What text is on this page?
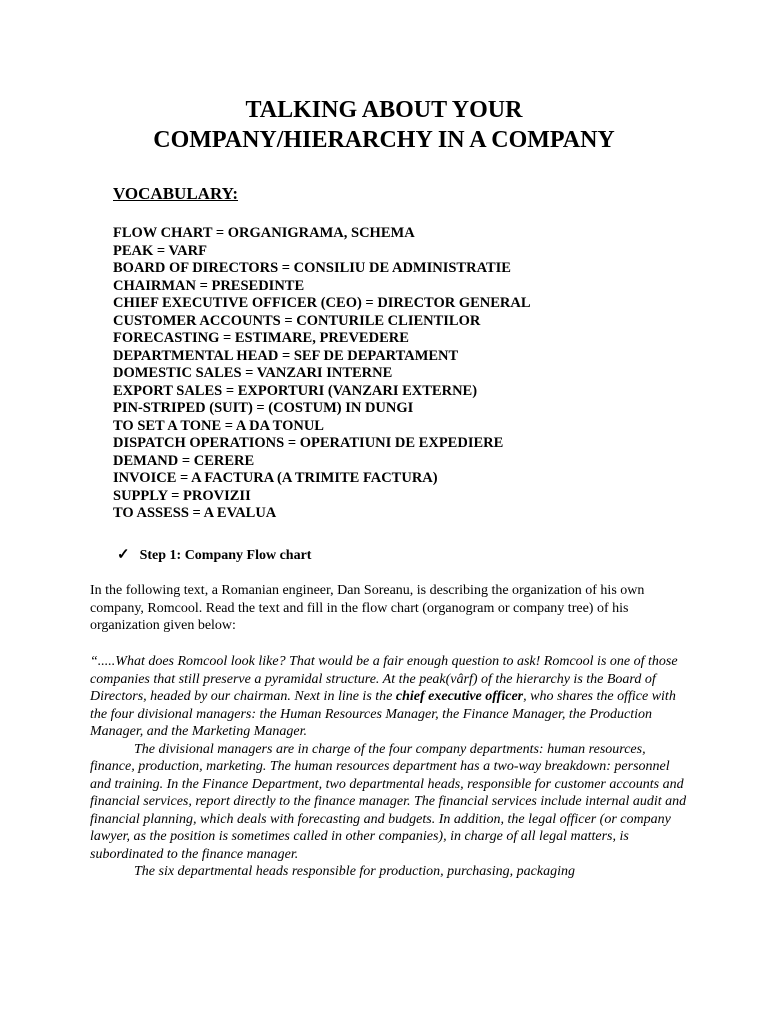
TALKING ABOUT YOUR
COMPANY/HIERARCHY IN A COMPANY
VOCABULARY:
FLOW CHART = ORGANIGRAMA, SCHEMA
PEAK = VARF
BOARD OF DIRECTORS = CONSILIU DE ADMINISTRATIE
CHAIRMAN = PRESEDINTE
CHIEF EXECUTIVE OFFICER (CEO) = DIRECTOR GENERAL
CUSTOMER ACCOUNTS = CONTURILE CLIENTILOR
FORECASTING = ESTIMARE, PREVEDERE
DEPARTMENTAL HEAD = SEF DE DEPARTAMENT
DOMESTIC SALES = VANZARI INTERNE
EXPORT SALES = EXPORTURI (VANZARI EXTERNE)
PIN-STRIPED (SUIT) = (COSTUM) IN DUNGI
TO SET A TONE = A DA TONUL
DISPATCH OPERATIONS = OPERATIUNI DE EXPEDIERE
DEMAND = CERERE
INVOICE = A FACTURA (A TRIMITE FACTURA)
SUPPLY = PROVIZII
TO ASSESS = A EVALUA
✓ Step 1: Company Flow chart
In the following text, a Romanian engineer, Dan Soreanu, is describing the organization of his own company, Romcool. Read the text and fill in the flow chart (organogram or company tree) of his organization given below:
“.....What does Romcool look like? That would be a fair enough question to ask! Romcool is one of those companies that still preserve a pyramidal structure. At the peak(vârf) of the hierarchy is the Board of Directors, headed by our chairman. Next in line is the chief executive officer, who shares the office with the four divisional managers: the Human Resources Manager, the Finance Manager, the Production Manager, and the Marketing Manager.
The divisional managers are in charge of the four company departments: human resources, finance, production, marketing. The human resources department has a two-way breakdown: personnel and training. In the Finance Department, two departmental heads, responsible for customer accounts and financial services, report directly to the finance manager. The financial services include internal audit and financial planning, which deals with forecasting and budgets. In addition, the legal officer (or company lawyer, as the position is sometimes called in other companies), in charge of all legal matters, is subordinated to the finance manager.
The six departmental heads responsible for production, purchasing, packaging
